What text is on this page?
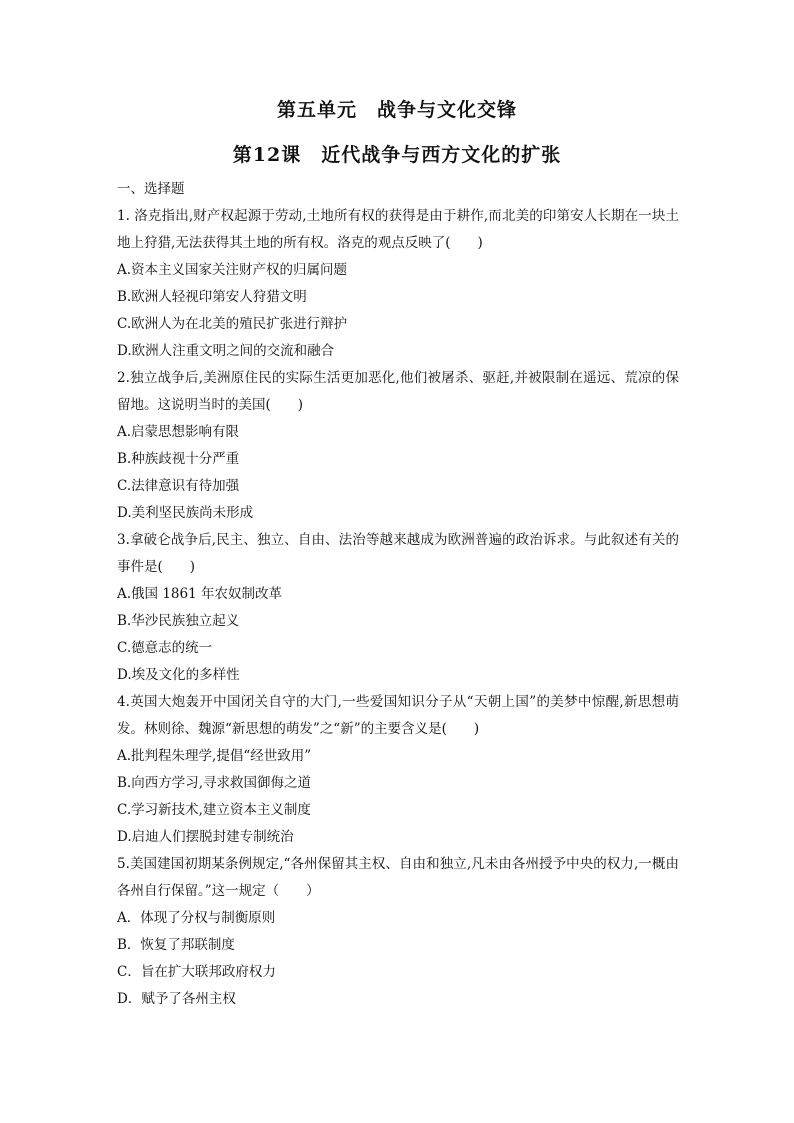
第五单元　战争与文化交锋
第12课　近代战争与西方文化的扩张
一、选择题
1. 洛克指出,财产权起源于劳动,土地所有权的获得是由于耕作,而北美的印第安人长期在一块土地上狩猎,无法获得其土地的所有权。洛克的观点反映了(　　)
A.资本主义国家关注财产权的归属问题
B.欧洲人轻视印第安人狩猎文明
C.欧洲人为在北美的殖民扩张进行辩护
D.欧洲人注重文明之间的交流和融合
2.独立战争后,美洲原住民的实际生活更加恶化,他们被屠杀、驱赶,并被限制在遥远、荒凉的保留地。这说明当时的美国(　　)
A.启蒙思想影响有限
B.种族歧视十分严重
C.法律意识有待加强
D.美利坚民族尚未形成
3.拿破仑战争后,民主、独立、自由、法治等越来越成为欧洲普遍的政治诉求。与此叙述有关的事件是(　　)
A.俄国 1861 年农奴制改革
B.华沙民族独立起义
C.德意志的统一
D.埃及文化的多样性
4.英国大炮轰开中国闭关自守的大门,一些爱国知识分子从“天朝上国”的美梦中惊醒,新思想萌发。林则徐、魏源“新思想的萌发”之“新”的主要含义是(　　)
A.批判程朱理学,提倡“经世致用”
B.向西方学习,寻求救国御侮之道
C.学习新技术,建立资本主义制度
D.启迪人们摆脱封建专制统治
5.美国建国初期某条例规定,“各州保留其主权、自由和独立,凡未由各州授予中央的权力,一概由各州自行保留。”这一规定（　　）
A．体现了分权与制衡原则
B．恢复了邦联制度
C．旨在扩大联邦政府权力
D．赋予了各州主权
